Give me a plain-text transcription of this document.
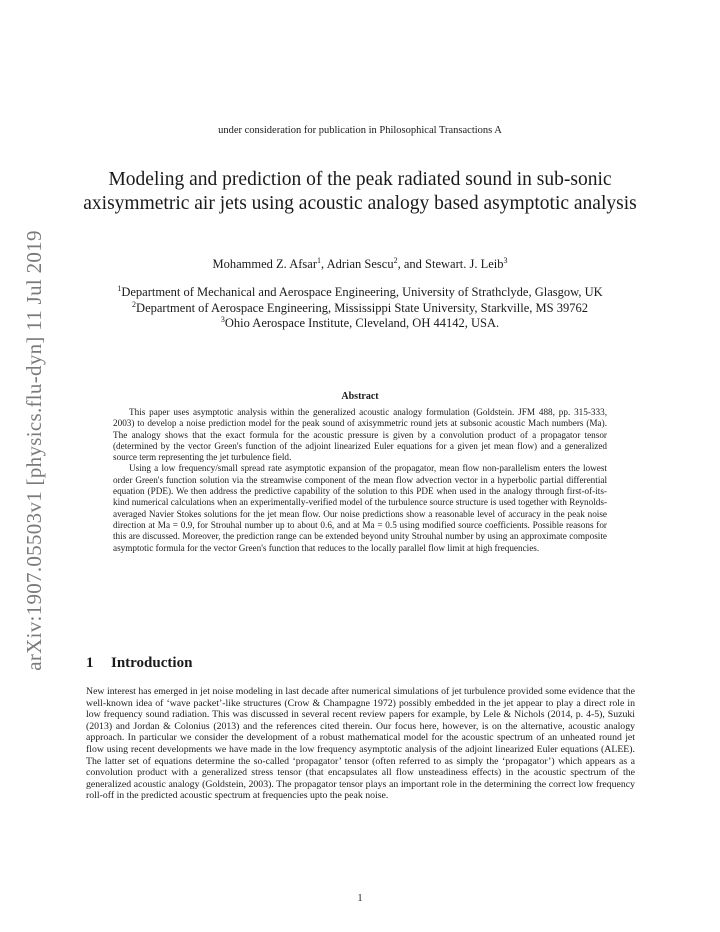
arXiv:1907.05503v1 [physics.flu-dyn] 11 Jul 2019
under consideration for publication in Philosophical Transactions A
Modeling and prediction of the peak radiated sound in sub-sonic axisymmetric air jets using acoustic analogy based asymptotic analysis
Mohammed Z. Afsar$^1$, Adrian Sescu$^2$, and Stewart. J. Leib$^3$
$^1$Department of Mechanical and Aerospace Engineering, University of Strathclyde, Glasgow, UK
$^2$Department of Aerospace Engineering, Mississippi State University, Starkville, MS 39762
$^3$Ohio Aerospace Institute, Cleveland, OH 44142, USA.
Abstract

This paper uses asymptotic analysis within the generalized acoustic analogy formulation (Goldstein. JFM 488, pp. 315-333, 2003) to develop a noise prediction model for the peak sound of axisymmetric round jets at subsonic acoustic Mach numbers (Ma). The analogy shows that the exact formula for the acoustic pressure is given by a convolution product of a propagator tensor (determined by the vector Green's function of the adjoint linearized Euler equations for a given jet mean flow) and a generalized source term representing the jet turbulence field.

Using a low frequency/small spread rate asymptotic expansion of the propagator, mean flow non-parallelism enters the lowest order Green's function solution via the streamwise component of the mean flow advection vector in a hyperbolic partial differential equation (PDE). We then address the predictive capability of the solution to this PDE when used in the analogy through first-of-its-kind numerical calculations when an experimentally-verified model of the turbulence source structure is used together with Reynolds-averaged Navier Stokes solutions for the jet mean flow. Our noise predictions show a reasonable level of accuracy in the peak noise direction at Ma = 0.9, for Strouhal number up to about 0.6, and at Ma = 0.5 using modified source coefficients. Possible reasons for this are discussed. Moreover, the prediction range can be extended beyond unity Strouhal number by using an approximate composite asymptotic formula for the vector Green's function that reduces to the locally parallel flow limit at high frequencies.

1 Introduction

New interest has emerged in jet noise modeling in last decade after numerical simulations of jet turbulence provided some evidence that the well-known idea of ‘wave packet’-like structures (Crow & Champagne 1972) possibly embedded in the jet appear to play a direct role in low frequency sound radiation. This was discussed in several recent review papers for example, by Lele & Nichols (2014, p. 4-5), Suzuki (2013) and Jordan & Colonius (2013) and the references cited therein. Our focus here, however, is on the alternative, acoustic analogy approach. In particular we consider the development of a robust mathematical model for the acoustic spectrum of an unheated round jet flow using recent developments we have made in the low frequency asymptotic analysis of the adjoint linearized Euler equations (ALEE). The latter set of equations determine the so-called ‘propagator’ tensor (often referred to as simply the ‘propagator’) which appears as a convolution product with a generalized stress tensor (that encapsulates all flow unsteadiness effects) in the acoustic spectrum of the generalized acoustic analogy (Goldstein, 2003). The propagator tensor plays an important role in the determining the correct low frequency roll-off in the predicted acoustic spectrum at frequencies upto the peak noise.

1
